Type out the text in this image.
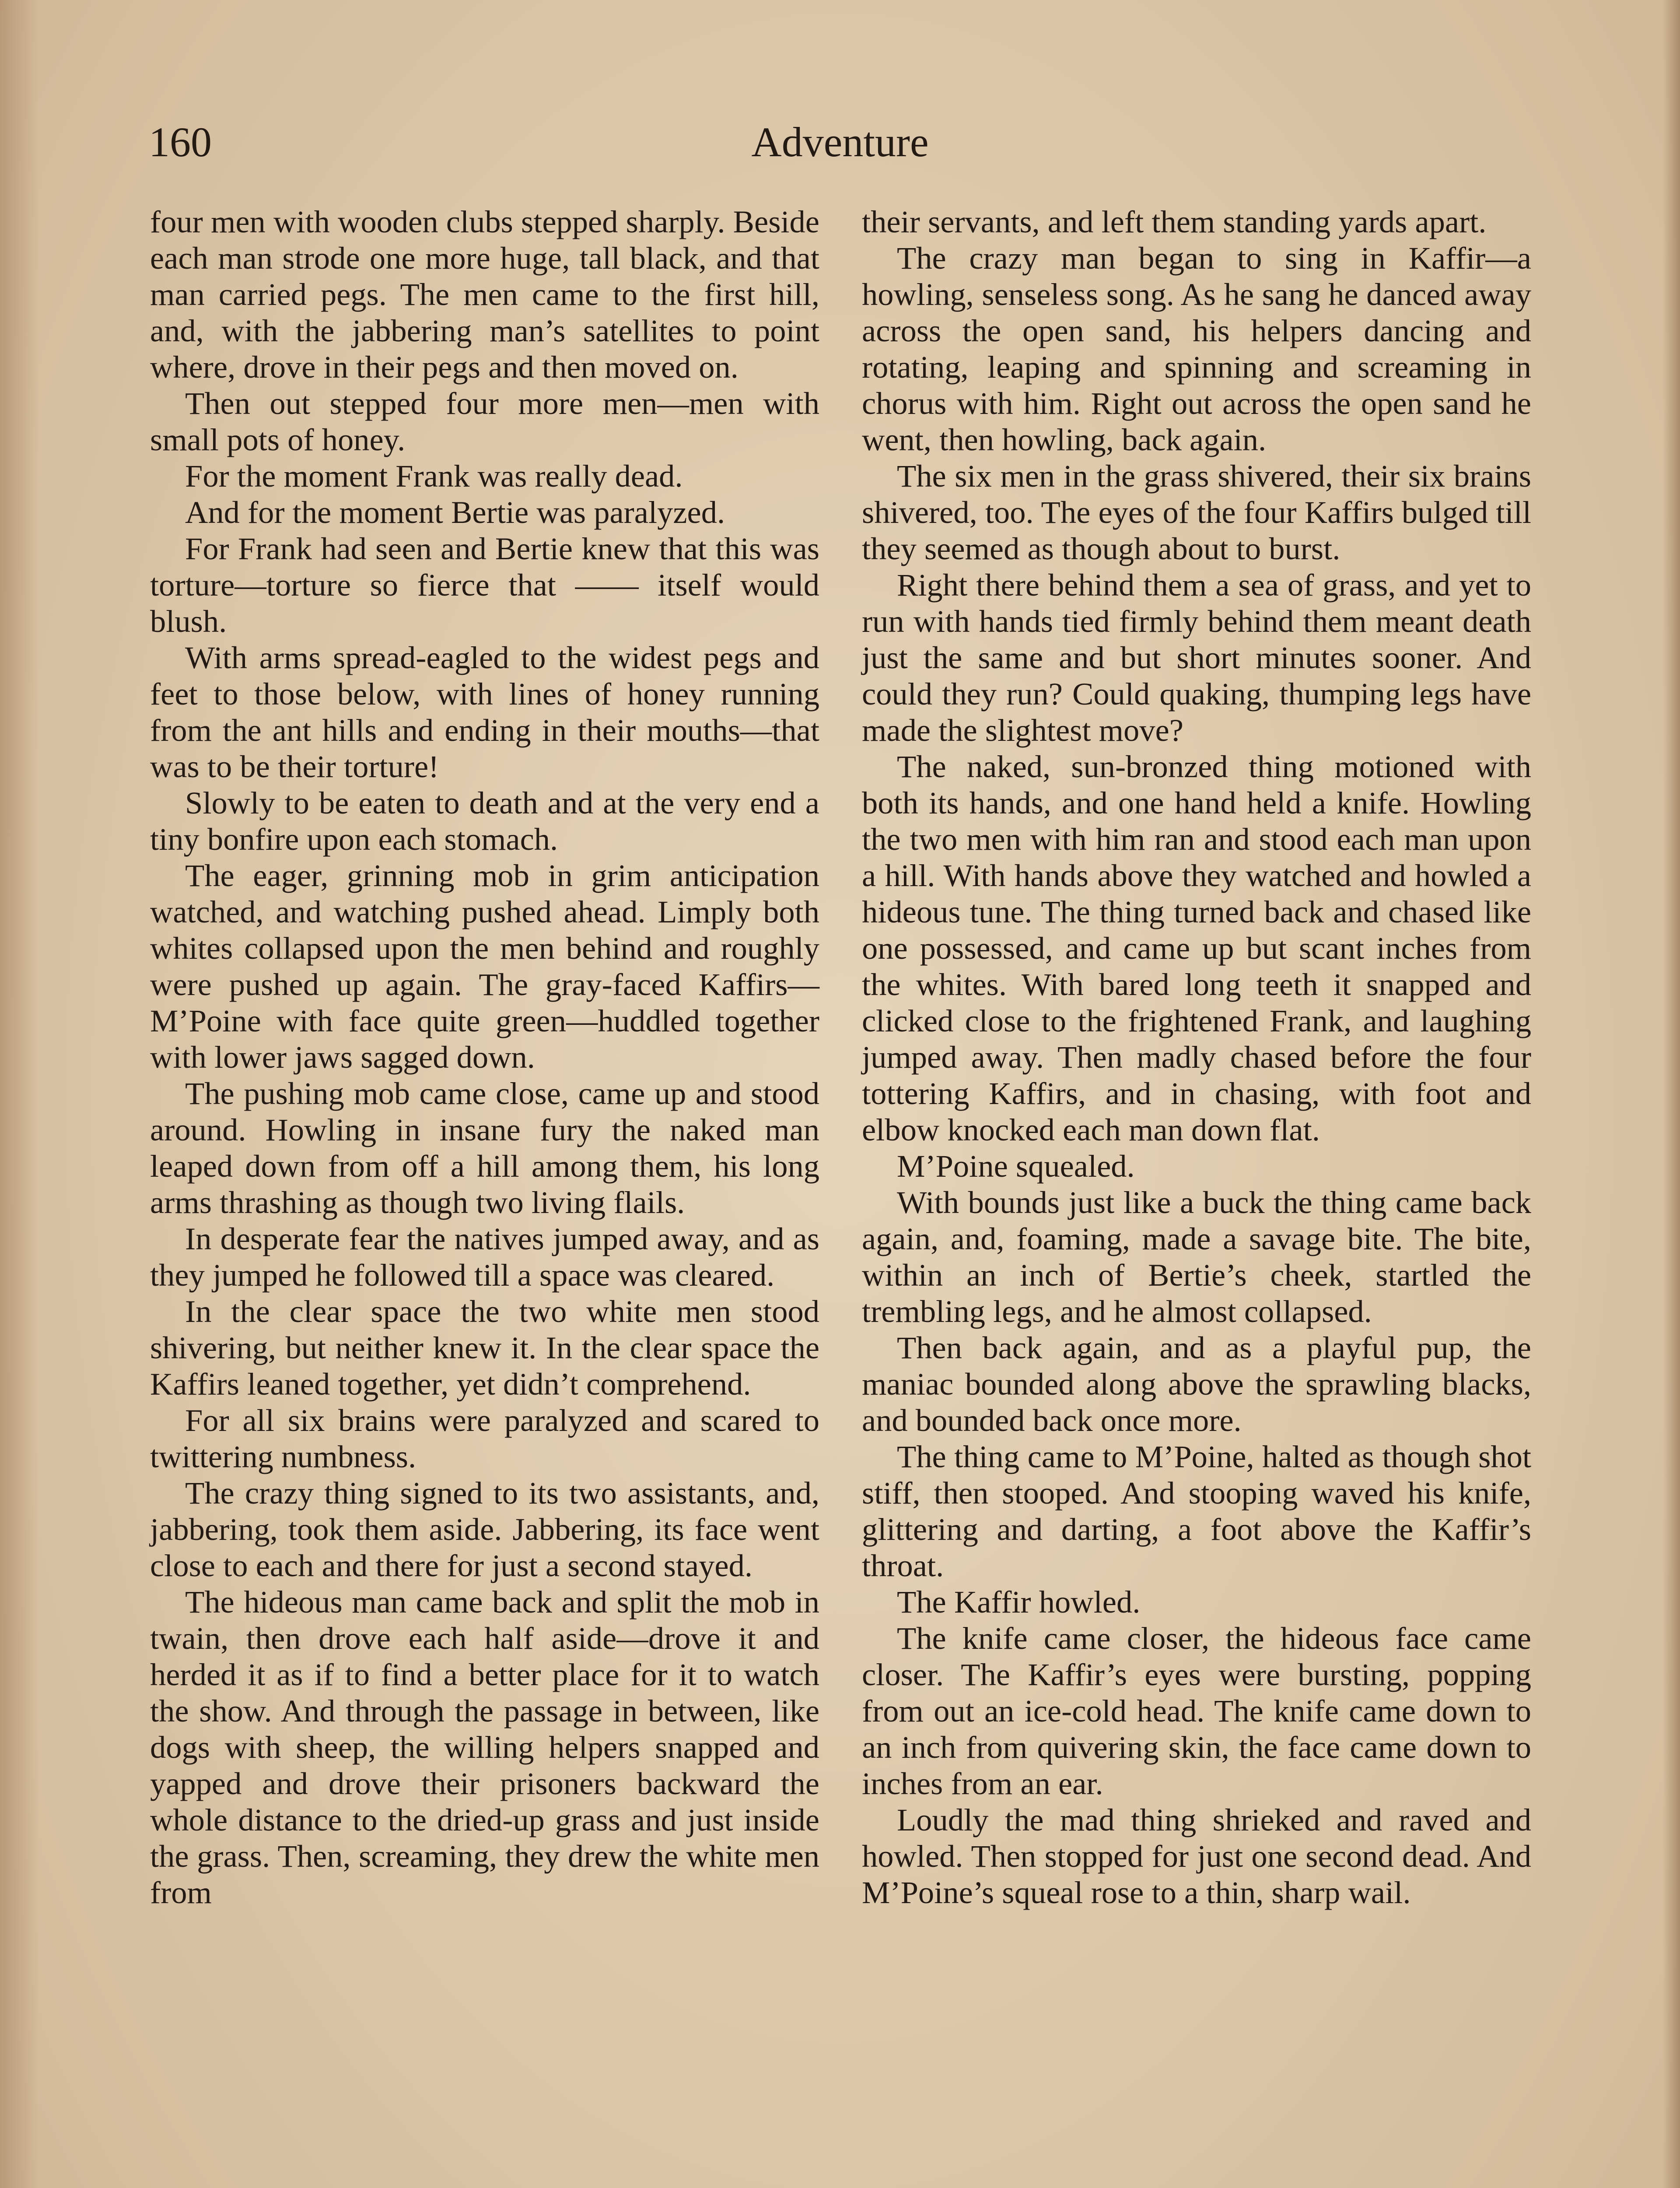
160	Adventure

four men with wooden clubs stepped sharply. Beside each man strode one more huge, tall black, and that man carried pegs. The men came to the first hill, and, with the jabbering man’s satellites to point where, drove in their pegs and then moved on.

Then out stepped four more men—men with small pots of honey.

For the moment Frank was really dead.

And for the moment Bertie was paralyzed.

For Frank had seen and Bertie knew that this was torture—torture so fierce that —— itself would blush.

With arms spread-eagled to the widest pegs and feet to those below, with lines of honey running from the ant hills and ending in their mouths—that was to be their torture!

Slowly to be eaten to death and at the very end a tiny bonfire upon each stomach.

The eager, grinning mob in grim anticipation watched, and watching pushed ahead. Limply both whites collapsed upon the men behind and roughly were pushed up again. The gray-faced Kaffirs—M’Poine with face quite green—huddled together with lower jaws sagged down.

The pushing mob came close, came up and stood around. Howling in insane fury the naked man leaped down from off a hill among them, his long arms thrashing as though two living flails.

In desperate fear the natives jumped away, and as they jumped he followed till a space was cleared.

In the clear space the two white men stood shivering, but neither knew it. In the clear space the Kaffirs leaned together, yet didn’t comprehend.

For all six brains were paralyzed and scared to twittering numbness.

The crazy thing signed to its two assistants, and, jabbering, took them aside. Jabbering, its face went close to each and there for just a second stayed.

The hideous man came back and split the mob in twain, then drove each half aside—drove it and herded it as if to find a better place for it to watch the show. And through the passage in between, like dogs with sheep, the willing helpers snapped and yapped and drove their prisoners backward the whole distance to the dried-up grass and just inside the grass. Then, screaming, they drew the white men from

their servants, and left them standing yards apart.

The crazy man began to sing in Kaffir—a howling, senseless song. As he sang he danced away across the open sand, his helpers dancing and rotating, leaping and spinning and screaming in chorus with him. Right out across the open sand he went, then howling, back again.

The six men in the grass shivered, their six brains shivered, too. The eyes of the four Kaffirs bulged till they seemed as though about to burst.

Right there behind them a sea of grass, and yet to run with hands tied firmly behind them meant death just the same and but short minutes sooner. And could they run? Could quaking, thumping legs have made the slightest move?

The naked, sun-bronzed thing motioned with both its hands, and one hand held a knife. Howling the two men with him ran and stood each man upon a hill. With hands above they watched and howled a hideous tune. The thing turned back and chased like one possessed, and came up but scant inches from the whites. With bared long teeth it snapped and clicked close to the frightened Frank, and laughing jumped away. Then madly chased before the four tottering Kaffirs, and in chasing, with foot and elbow knocked each man down flat.

M’Poine squealed.

With bounds just like a buck the thing came back again, and, foaming, made a savage bite. The bite, within an inch of Bertie’s cheek, startled the trembling legs, and he almost collapsed.

Then back again, and as a playful pup, the maniac bounded along above the sprawling blacks, and bounded back once more.

The thing came to M’Poine, halted as though shot stiff, then stooped. And stooping waved his knife, glittering and darting, a foot above the Kaffir’s throat.

The Kaffir howled.

The knife came closer, the hideous face came closer. The Kaffir’s eyes were bursting, popping from out an ice-cold head. The knife came down to an inch from quivering skin, the face came down to inches from an ear.

Loudly the mad thing shrieked and raved and howled. Then stopped for just one second dead. And M’Poine’s squeal rose to a thin, sharp wail.
